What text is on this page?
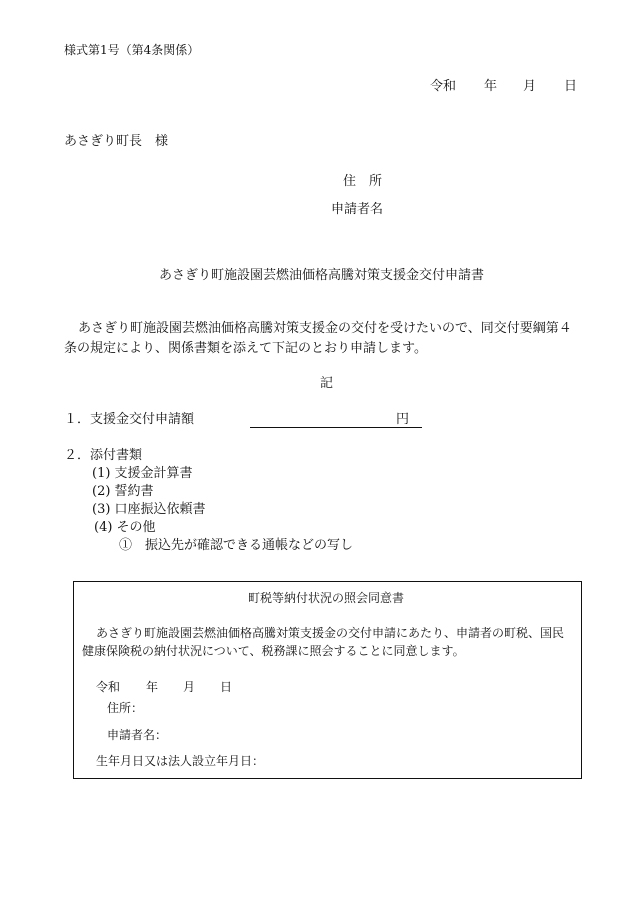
様式第1号（第4条関係）
令和 年 月 日
あさぎり町長　様
住　所
申請者名
あさぎり町施設園芸燃油価格高騰対策支援金交付申請書
あさぎり町施設園芸燃油価格高騰対策支援金の交付を受けたいので、同交付要綱第４
条の規定により、関係書類を添えて下記のとおり申請します。
記
１．支援金交付申請額	円
２．添付書類
(1) 支援金計算書
(2) 誓約書
(3) 口座振込依頼書
(4) その他
①　振込先が確認できる通帳などの写し
町税等納付状況の照会同意書
あさぎり町施設園芸燃油価格高騰対策支援金の交付申請にあたり、申請者の町税、国民
健康保険税の納付状況について、税務課に照会することに同意します。
令和 年 月 日
住所：
申請者名：
生年月日又は法人設立年月日：
